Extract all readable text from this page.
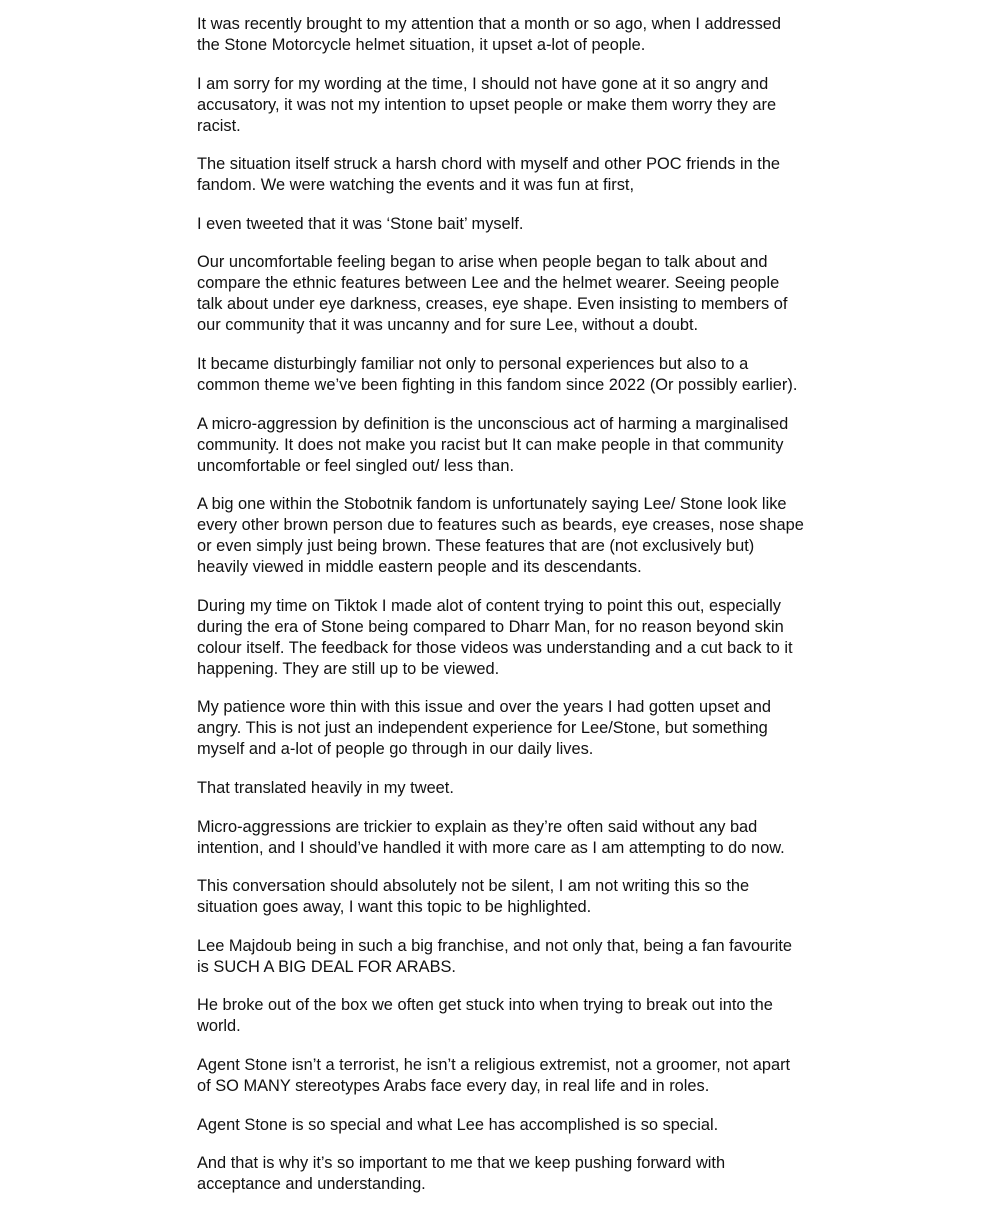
It was recently brought to my attention that a month or so ago, when I addressed the Stone Motorcycle helmet situation, it upset a-lot of people.

I am sorry for my wording at the time, I should not have gone at it so angry and accusatory, it was not my intention to upset people or make them worry they are racist.

The situation itself struck a harsh chord with myself and other POC friends in the fandom. We were watching the events and it was fun at first,

I even tweeted that it was ‘Stone bait’ myself.

Our uncomfortable feeling began to arise when people began to talk about and compare the ethnic features between Lee and the helmet wearer. Seeing people talk about under eye darkness, creases, eye shape. Even insisting to members of our community that it was uncanny and for sure Lee, without a doubt.

It became disturbingly familiar not only to personal experiences but also to a common theme we’ve been fighting in this fandom since 2022 (Or possibly earlier).

A micro-aggression by definition is the unconscious act of harming a marginalised community. It does not make you racist but It can make people in that community uncomfortable or feel singled out/ less than.

A big one within the Stobotnik fandom is unfortunately saying Lee/ Stone look like every other brown person due to features such as beards, eye creases, nose shape or even simply just being brown. These features that are (not exclusively but) heavily viewed in middle eastern people and its descendants.

During my time on Tiktok I made alot of content trying to point this out, especially during the era of Stone being compared to Dharr Man, for no reason beyond skin colour itself. The feedback for those videos was understanding and a cut back to it happening. They are still up to be viewed.

My patience wore thin with this issue and over the years I had gotten upset and angry. This is not just an independent experience for Lee/Stone, but something myself and a-lot of people go through in our daily lives.

That translated heavily in my tweet.

Micro-aggressions are trickier to explain as they’re often said without any bad intention, and I should’ve handled it with more care as I am attempting to do now.

This conversation should absolutely not be silent, I am not writing this so the situation goes away, I want this topic to be highlighted.

Lee Majdoub being in such a big franchise, and not only that, being a fan favourite is SUCH A BIG DEAL FOR ARABS.

He broke out of the box we often get stuck into when trying to break out into the world.

Agent Stone isn’t a terrorist, he isn’t a religious extremist, not a groomer, not apart of SO MANY stereotypes Arabs face every day, in real life and in roles.

Agent Stone is so special and what Lee has accomplished is so special.

And that is why it’s so important to me that we keep pushing forward with acceptance and understanding.
